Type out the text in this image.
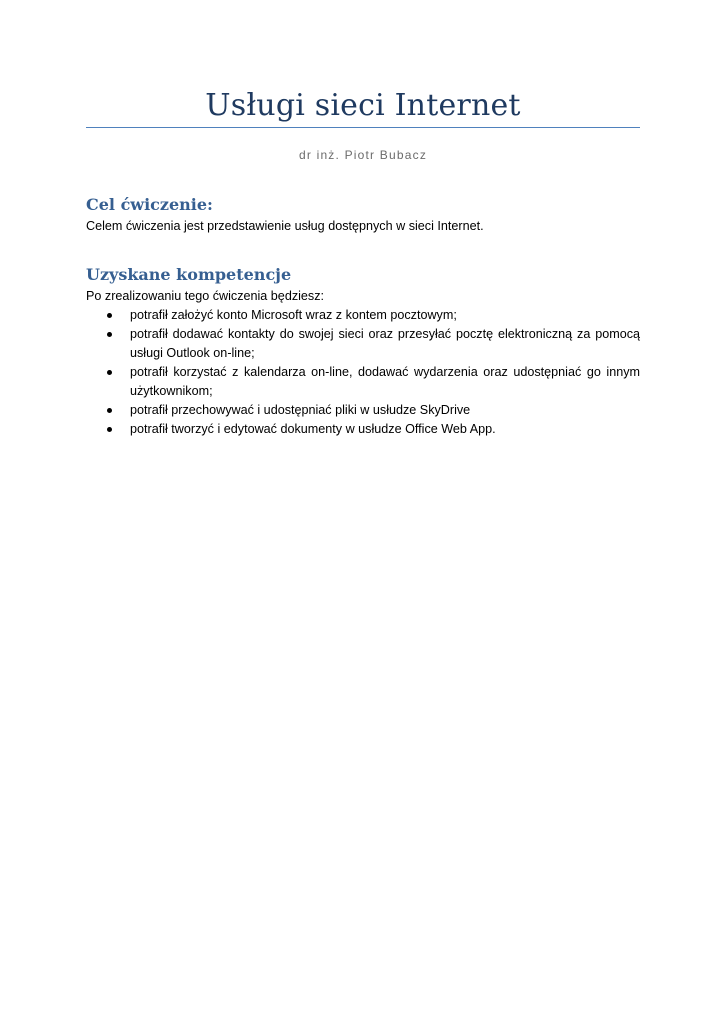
Usługi sieci Internet
dr inż. Piotr Bubacz
Cel ćwiczenie:
Celem ćwiczenia jest przedstawienie usług dostępnych w sieci Internet.
Uzyskane kompetencje
Po zrealizowaniu tego ćwiczenia będziesz:
potrafił założyć konto Microsoft wraz z kontem pocztowym;
potrafił dodawać kontakty do swojej sieci oraz przesyłać pocztę elektroniczną za pomocą usługi Outlook on-line;
potrafił korzystać z kalendarza on-line, dodawać wydarzenia oraz udostępniać go innym użytkownikom;
potrafił przechowywać i udostępniać pliki w usłudze SkyDrive
potrafił tworzyć i edytować dokumenty w usłudze Office Web App.
